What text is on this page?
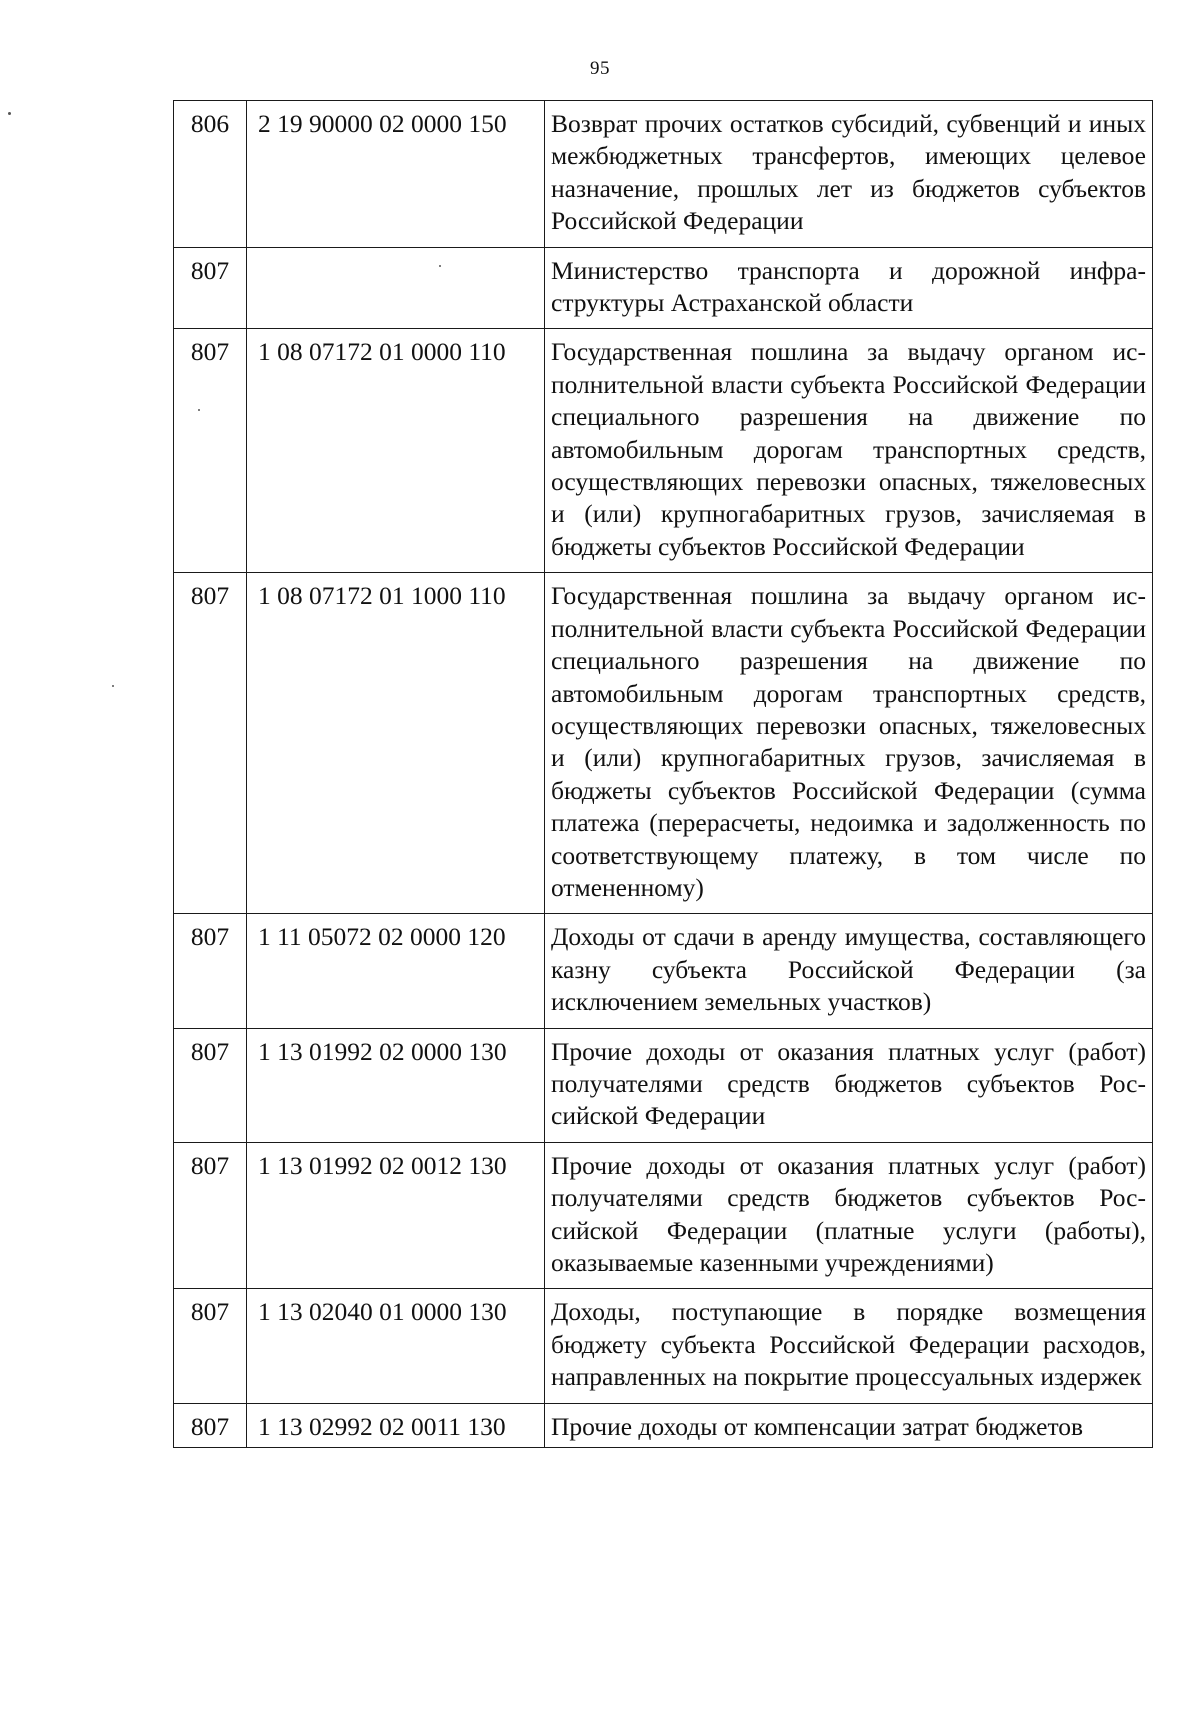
95
806	2 19 90000 02 0000 150	Возврат прочих остатков субсидий, субвенций и иных межбюджетных трансфертов, имеющих целевое назначение, прошлых лет из бюджетов субъектов Российской Федерации
807		Министерство транспорта и дорожной инфраструктуры Астраханской области
807	1 08 07172 01 0000 110	Государственная пошлина за выдачу органом исполнительной власти субъекта Российской Федерации специального разрешения на движение по автомобильным дорогам транспортных средств, осуществляющих перевозки опасных, тяжеловесных и (или) крупногабаритных грузов, зачисляемая в бюджеты субъектов Российской Федерации
807	1 08 07172 01 1000 110	Государственная пошлина за выдачу органом исполнительной власти субъекта Российской Федерации специального разрешения на движение по автомобильным дорогам транспортных средств, осуществляющих перевозки опасных, тяжеловесных и (или) крупногабаритных грузов, зачисляемая в бюджеты субъектов Российской Федерации (сумма платежа (перерасчеты, недоимка и задолженность по соответствующему платежу, в том числе по отмененному)
807	1 11 05072 02 0000 120	Доходы от сдачи в аренду имущества, составляющего казну субъекта Российской Федерации (за исключением земельных участков)
807	1 13 01992 02 0000 130	Прочие доходы от оказания платных услуг (работ) получателями средств бюджетов субъектов Российской Федерации
807	1 13 01992 02 0012 130	Прочие доходы от оказания платных услуг (работ) получателями средств бюджетов субъектов Российской Федерации (платные услуги (работы), оказываемые казенными учреждениями)
807	1 13 02040 01 0000 130	Доходы, поступающие в порядке возмещения бюджету субъекта Российской Федерации расходов, направленных на покрытие процессуальных издержек
807	1 13 02992 02 0011 130	Прочие доходы от компенсации затрат бюджетов
